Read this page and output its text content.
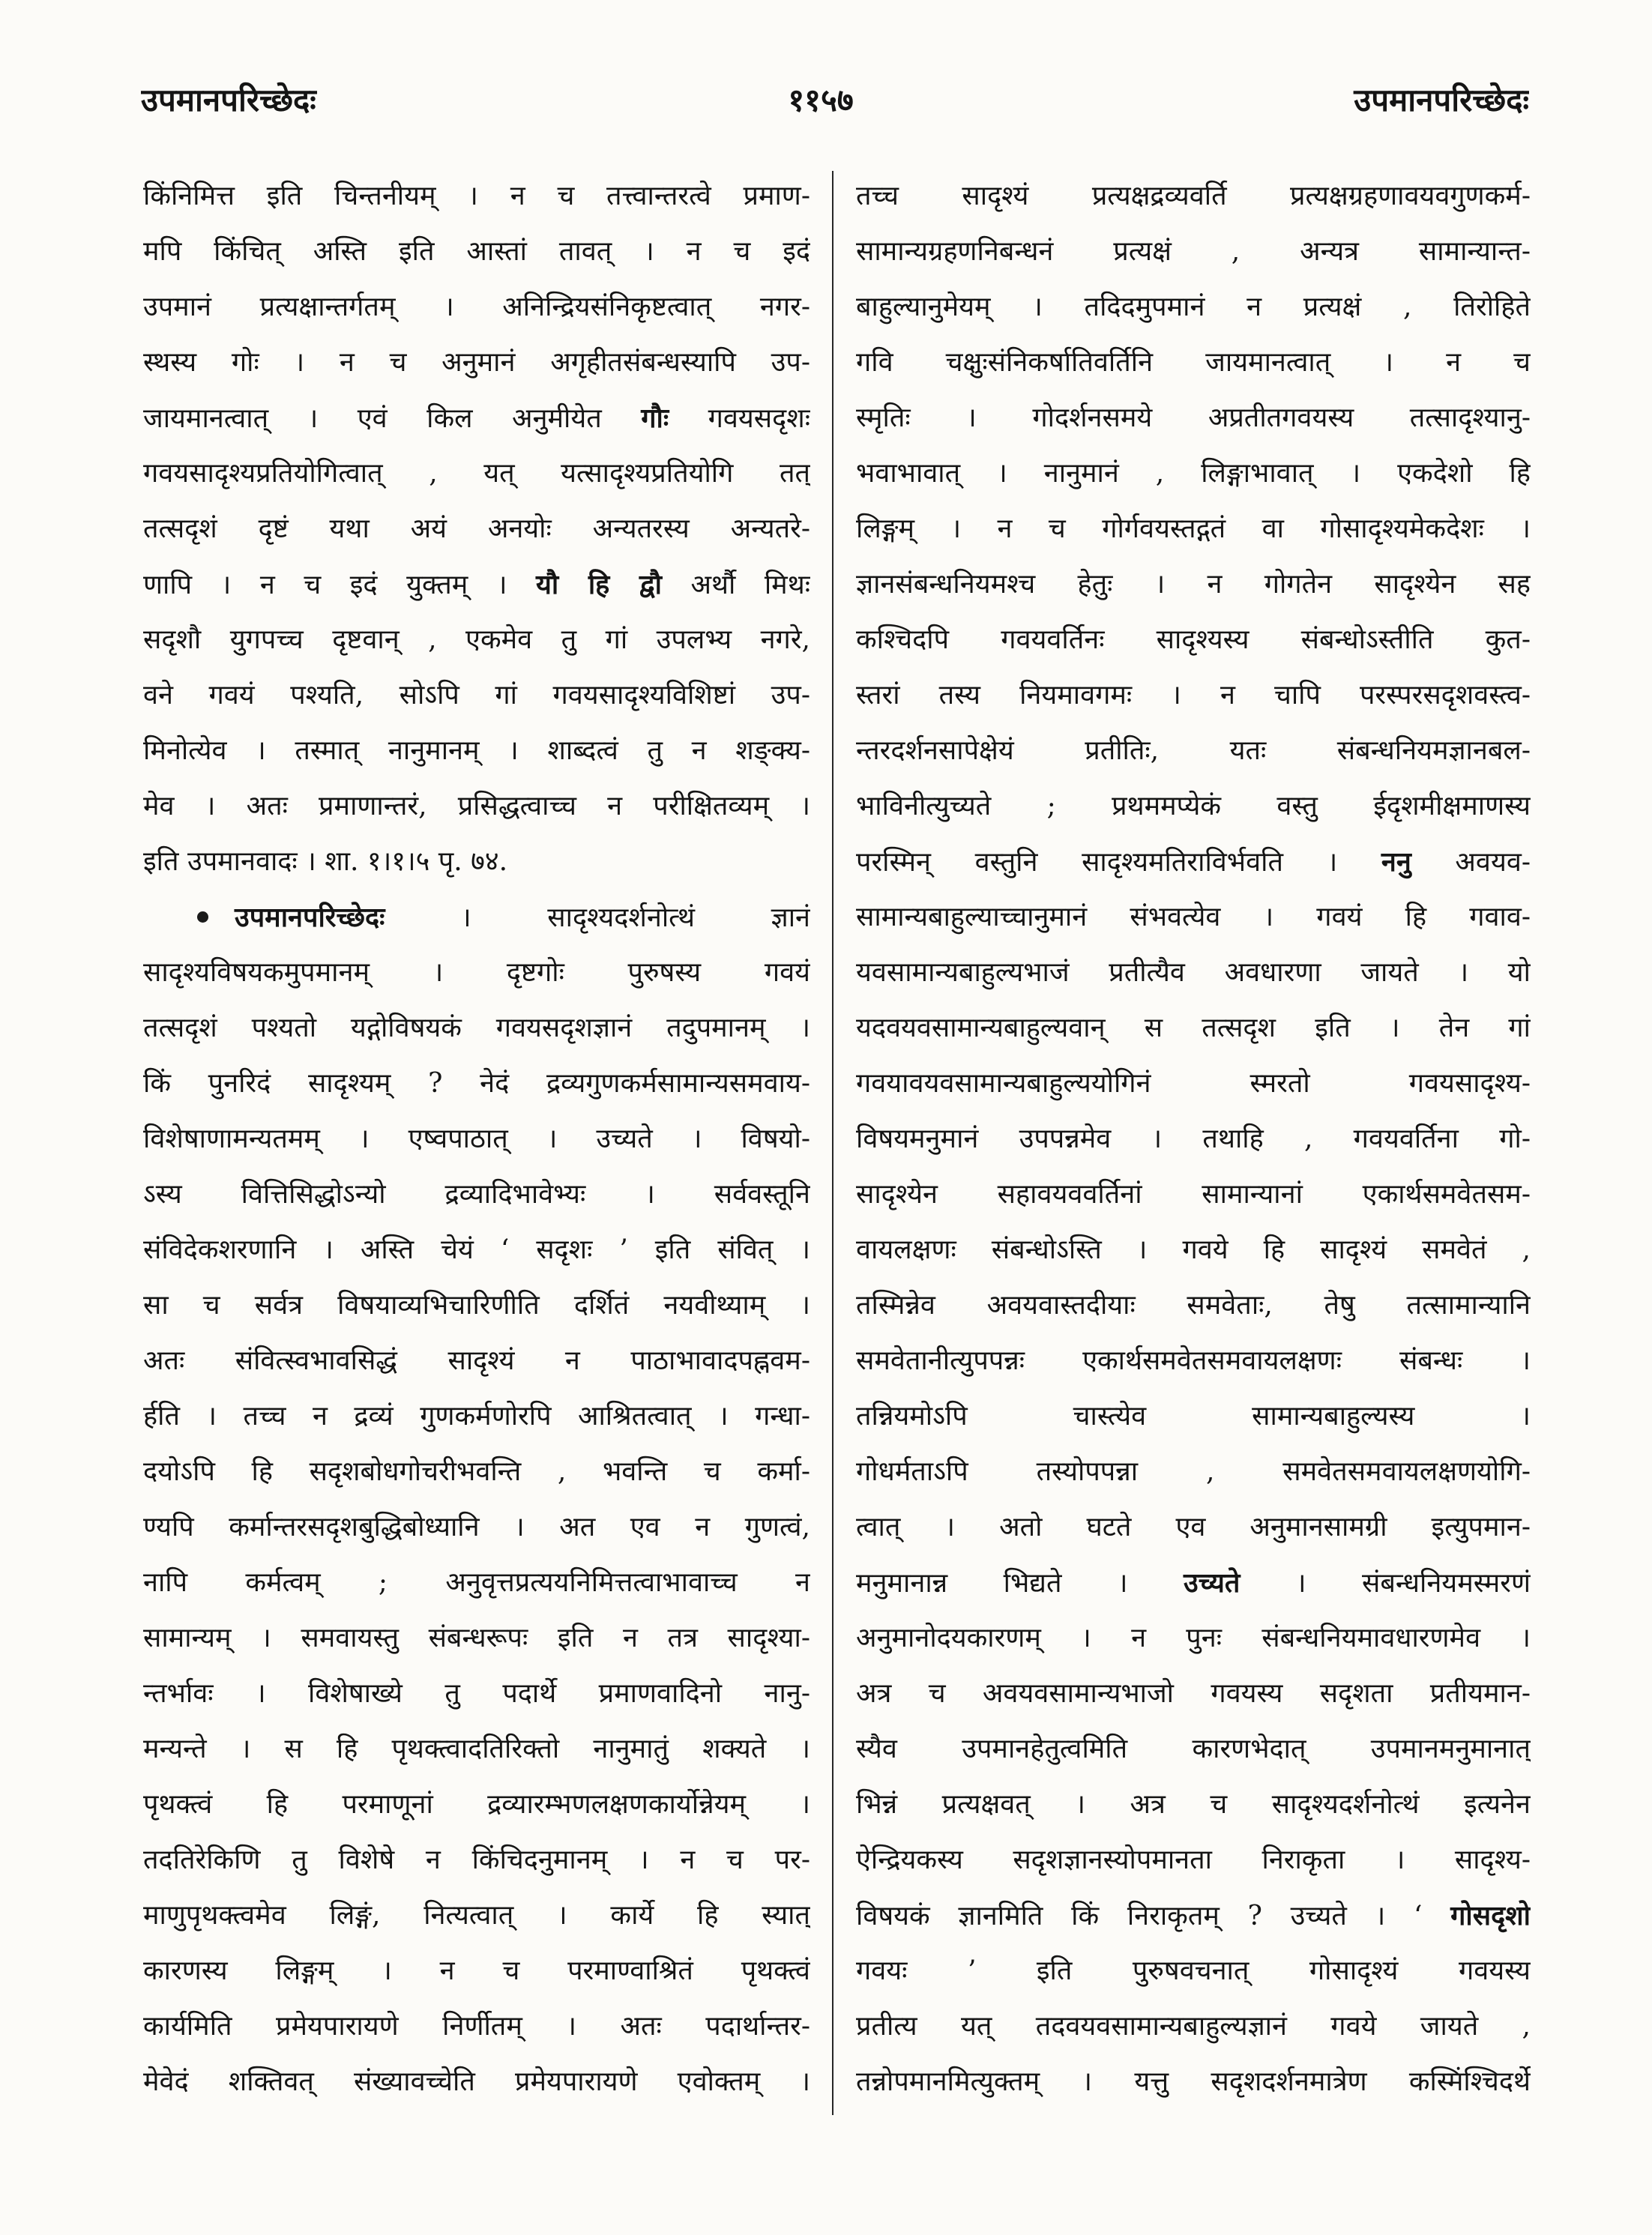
उपमानपरिच्छेदः	११५७	उपमानपरिच्छेदः
किंनिमित्त इति चिन्तनीयम् । न च तत्त्वान्तरत्वे प्रमाण-
मपि किंचित् अस्ति इति आस्तां तावत् । न च इदं
उपमानं प्रत्यक्षान्तर्गतम् । अनिन्द्रियसंनिकृष्टत्वात् नगर-
स्थस्य गोः । न च अनुमानं अगृहीतसंबन्धस्यापि उप-
जायमानत्वात् । एवं किल अनुमीयेत गौः गवयसदृशः
गवयसादृश्यप्रतियोगित्वात् , यत् यत्सादृश्यप्रतियोगि तत्
तत्सदृशं दृष्टं यथा अयं अनयोः अन्यतरस्य अन्यतरे-
णापि । न च इदं युक्तम् । यौ हि द्वौ अर्थौ मिथः
सदृशौ युगपच्च दृष्टवान् , एकमेव तु गां उपलभ्य नगरे,
वने गवयं पश्यति, सोऽपि गां गवयसादृश्यविशिष्टां उप-
मिनोत्येव । तस्मात् नानुमानम् । शाब्दत्वं तु न शङ्क्य-
मेव । अतः प्रमाणान्तरं, प्रसिद्धत्वाच्च न परीक्षितव्यम् ।
इति उपमानवादः । शा. १।१।५ पृ. ७४.
उपमानपरिच्छेदः । सादृश्यदर्शनोत्थं ज्ञानं
सादृश्यविषयकमुपमानम् । दृष्टगोः पुरुषस्य गवयं
तत्सदृशं पश्यतो यद्गोविषयकं गवयसदृशज्ञानं तदुपमानम् ।
किं पुनरिदं सादृश्यम् ? नेदं द्रव्यगुणकर्मसामान्यसमवाय-
विशेषाणामन्यतमम् । एष्वपाठात् । उच्यते । विषयो-
ऽस्य वित्तिसिद्धोऽन्यो द्रव्यादिभावेभ्यः । सर्ववस्तूनि
संविदेकशरणानि । अस्ति चेयं ‘ सदृशः ’ इति संवित् ।
सा च सर्वत्र विषयाव्यभिचारिणीति दर्शितं नयवीथ्याम् ।
अतः संवित्स्वभावसिद्धं सादृश्यं न पाठाभावादपह्नवम-
र्हति । तच्च न द्रव्यं गुणकर्मणोरपि आश्रितत्वात् । गन्धा-
दयोऽपि हि सदृशबोधगोचरीभवन्ति , भवन्ति च कर्मा-
ण्यपि कर्मान्तरसदृशबुद्धिबोध्यानि । अत एव न गुणत्वं,
नापि कर्मत्वम् ; अनुवृत्तप्रत्ययनिमित्तत्वाभावाच्च न
सामान्यम् । समवायस्तु संबन्धरूपः इति न तत्र सादृश्या-
न्तर्भावः । विशेषाख्ये तु पदार्थे प्रमाणवादिनो नानु-
मन्यन्ते । स हि पृथक्त्वादतिरिक्तो नानुमातुं शक्यते ।
पृथक्त्वं हि परमाणूनां द्रव्यारम्भणलक्षणकार्योन्नेयम् ।
तदतिरेकिणि तु विशेषे न किंचिदनुमानम् । न च पर-
माणुपृथक्त्वमेव लिङ्गं, नित्यत्वात् । कार्ये हि स्यात्
कारणस्य लिङ्गम् । न च परमाण्वाश्रितं पृथक्त्वं
कार्यमिति प्रमेयपारायणे निर्णीतम् । अतः पदार्थान्तर-
मेवेदं शक्तिवत् संख्यावच्चेति प्रमेयपारायणे एवोक्तम् ।
तच्च सादृश्यं प्रत्यक्षद्रव्यवर्ति प्रत्यक्षग्रहणावयवगुणकर्म-
सामान्यग्रहणनिबन्धनं प्रत्यक्षं , अन्यत्र सामान्यान्त-
बाहुल्यानुमेयम् । तदिदमुपमानं न प्रत्यक्षं , तिरोहिते
गवि चक्षुःसंनिकर्षातिवर्तिनि जायमानत्वात् । न च
स्मृतिः । गोदर्शनसमये अप्रतीतगवयस्य तत्सादृश्यानु-
भवाभावात् । नानुमानं , लिङ्गाभावात् । एकदेशो हि
लिङ्गम् । न च गोर्गवयस्तद्गतं वा गोसादृश्यमेकदेशः ।
ज्ञानसंबन्धनियमश्च हेतुः । न गोगतेन सादृश्येन सह
कश्चिदपि गवयवर्तिनः सादृश्यस्य संबन्धोऽस्तीति कुत-
स्तरां तस्य नियमावगमः । न चापि परस्परसदृशवस्त्व-
न्तरदर्शनसापेक्षेयं प्रतीतिः, यतः संबन्धनियमज्ञानबल-
भाविनीत्युच्यते ; प्रथममप्येकं वस्तु ईदृशमीक्षमाणस्य
परस्मिन् वस्तुनि सादृश्यमतिराविर्भवति । ननु अवयव-
सामान्यबाहुल्याच्चानुमानं संभवत्येव । गवयं हि गवाव-
यवसामान्यबाहुल्यभाजं प्रतीत्यैव अवधारणा जायते । यो
यदवयवसामान्यबाहुल्यवान् स तत्सदृश इति । तेन गां
गवयावयवसामान्यबाहुल्ययोगिनं स्मरतो गवयसादृश्य-
विषयमनुमानं उपपन्नमेव । तथाहि , गवयवर्तिना गो-
सादृश्येन सहावयववर्तिनां सामान्यानां एकार्थसमवेतसम-
वायलक्षणः संबन्धोऽस्ति । गवये हि सादृश्यं समवेतं ,
तस्मिन्नेव अवयवास्तदीयाः समवेताः, तेषु तत्सामान्यानि
समवेतानीत्युपपन्नः एकार्थसमवेतसमवायलक्षणः संबन्धः ।
तन्नियमोऽपि चास्त्येव सामान्यबाहुल्यस्य ।
गोधर्मताऽपि तस्योपपन्ना , समवेतसमवायलक्षणयोगि-
त्वात् । अतो घटते एव अनुमानसामग्री इत्युपमान-
मनुमानान्न भिद्यते । उच्यते । संबन्धनियमस्मरणं
अनुमानोदयकारणम् । न पुनः संबन्धनियमावधारणमेव ।
अत्र च अवयवसामान्यभाजो गवयस्य सदृशता प्रतीयमान-
स्यैव उपमानहेतुत्वमिति कारणभेदात् उपमानमनुमानात्
भिन्नं प्रत्यक्षवत् । अत्र च सादृश्यदर्शनोत्थं इत्यनेन
ऐन्द्रियकस्य सदृशज्ञानस्योपमानता निराकृता । सादृश्य-
विषयकं ज्ञानमिति किं निराकृतम् ? उच्यते । ‘ गोसदृशो
गवयः ’ इति पुरुषवचनात् गोसादृश्यं गवयस्य
प्रतीत्य यत् तदवयवसामान्यबाहुल्यज्ञानं गवये जायते ,
तन्नोपमानमित्युक्तम् । यत्तु सदृशदर्शनमात्रेण कस्मिंश्चिदर्थे
